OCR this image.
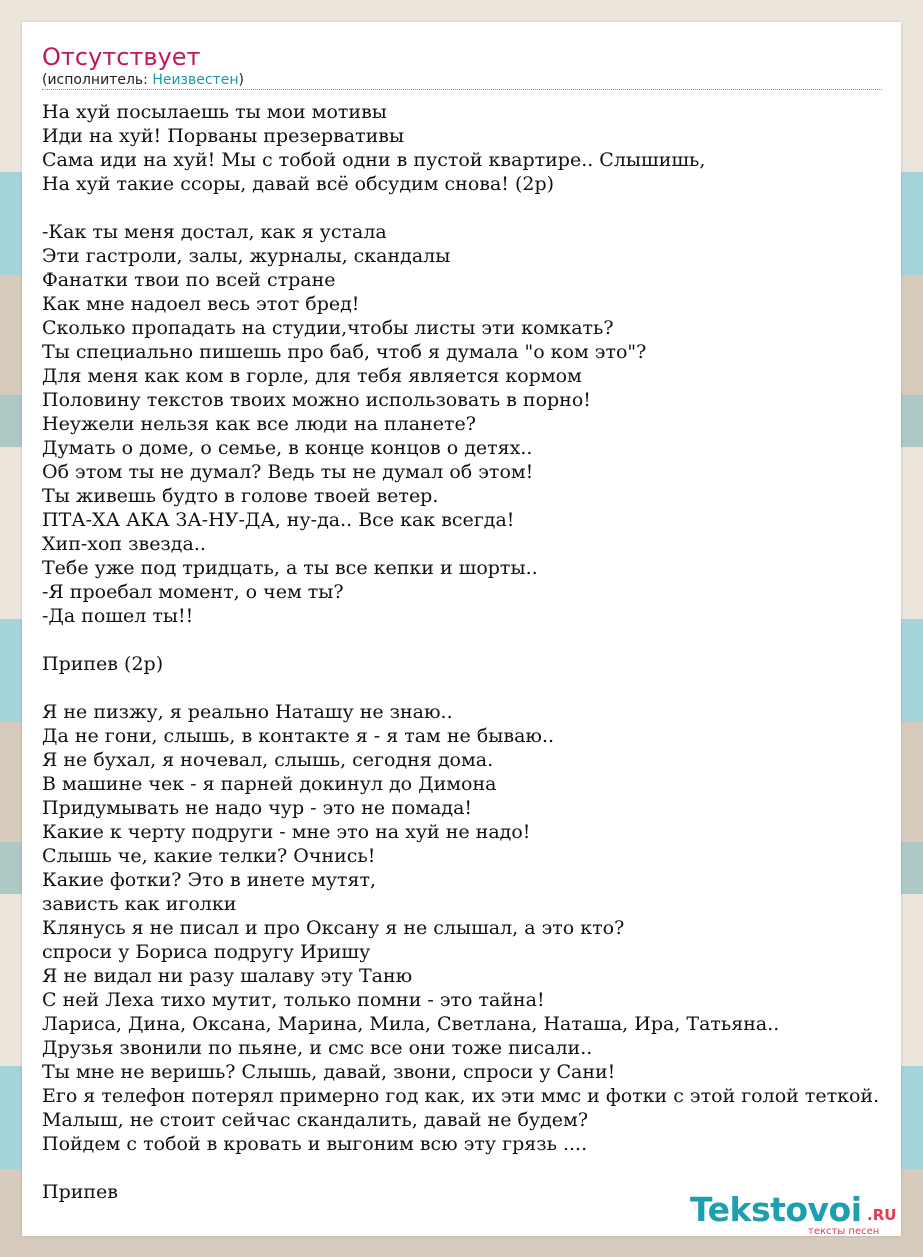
Отсутствует
(исполнитель: Неизвестен)
На хуй посылаешь ты мои мотивы
Иди на хуй! Порваны презервативы
Сама иди на хуй! Мы с тобой одни в пустой квартире.. Слышишь,
На хуй такие ссоры, давай всё обсудим снова! (2р)
-Как ты меня достал, как я устала
Эти гастроли, залы, журналы, скандалы
Фанатки твои по всей стране
Как мне надоел весь этот бред!
Сколько пропадать на студии,чтобы листы эти комкать?
Ты специально пишешь про баб, чтоб я думала "о ком это"?
Для меня как ком в горле, для тебя является кормом
Половину текстов твоих можно использовать в порно!
Неужели нельзя как все люди на планете?
Думать о доме, о семье, в конце концов о детях..
Об этом ты не думал? Ведь ты не думал об этом!
Ты живешь будто в голове твоей ветер.
ПТА-ХА АКА ЗА-НУ-ДА, ну-да.. Все как всегда!
Хип-хоп звезда..
Тебе уже под тридцать, а ты все кепки и шорты..
-Я проебал момент, о чем ты?
-Да пошел ты!!
Припев (2р)
Я не пизжу, я реально Наташу не знаю..
Да не гони, слышь, в контакте я - я там не бываю..
Я не бухал, я ночевал, слышь, сегодня дома.
В машине чек - я парней докинул до Димона
Придумывать не надо чур - это не помада!
Какие к черту подруги - мне это на хуй не надо!
Слышь че, какие телки? Очнись!
Какие фотки? Это в инете мутят,
зависть как иголки
Клянусь я не писал и про Оксану я не слышал, а это кто?
спроси у Бориса подругу Иришу
Я не видал ни разу шалаву эту Таню
С ней Леха тихо мутит, только помни - это тайна!
Лариса, Дина, Оксана, Марина, Мила, Светлана, Наташа, Ира, Татьяна..
Друзья звонили по пьяне, и смс все они тоже писали..
Ты мне не веришь? Слышь, давай, звони, спроси у Сани!
Его я телефон потерял примерно год как, их эти ммс и фотки с этой голой теткой.
Малыш, не стоит сейчас скандалить, давай не будем?
Пойдем с тобой в кровать и выгоним всю эту грязь ....
Припев	Tekstovoi .RU
тексты песен
